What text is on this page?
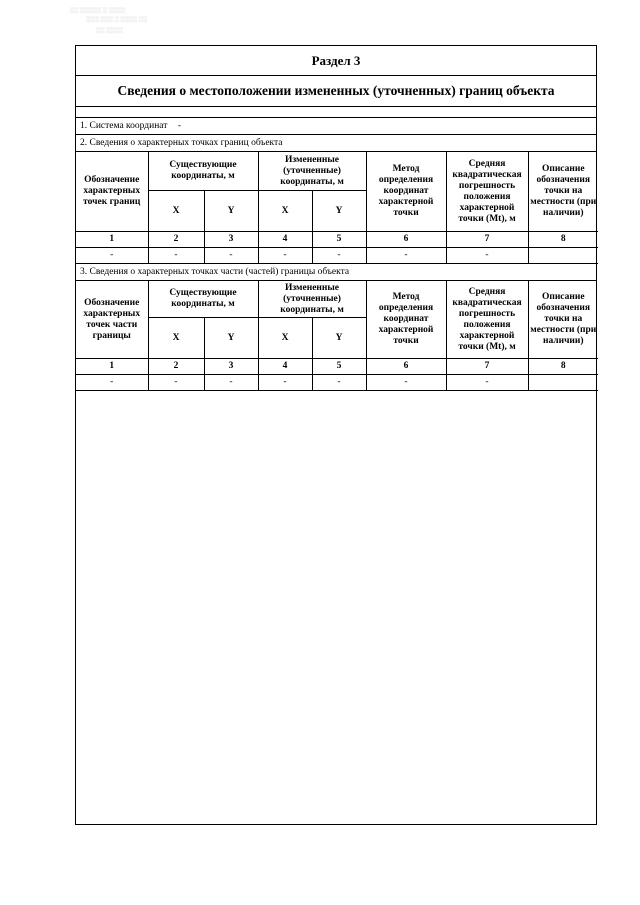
░░ ░░░░░ ░ ░░░░
░░░ ░░░ ░ ░░░░ ░░
░░ ░░░░
Раздел 3
Сведения о местоположении измененных (уточненных) границ объекта
1. Система координат -
2. Сведения о характерных точках границ объекта
Обозначение характерных точек границ	Существующие координаты, м		Измененные (уточненные) координаты, м		Метод определения координат характерной точки	Средняя квадратическая погрешность положения характерной точки (Mt), м	Описание обозначения точки на местности (при наличии)
	X	Y	X	Y			
1	2	3	4	5	6	7	8
-	-	-	-	-	-	-	
3. Сведения о характерных точках части (частей) границы объекта
Обозначение характерных точек части границы	Существующие координаты, м		Измененные (уточненные) координаты, м		Метод определения координат характерной точки	Средняя квадратическая погрешность положения характерной точки (Mt), м	Описание обозначения точки на местности (при наличии)
	X	Y	X	Y			
1	2	3	4	5	6	7	8
-	-	-	-	-	-	-	
